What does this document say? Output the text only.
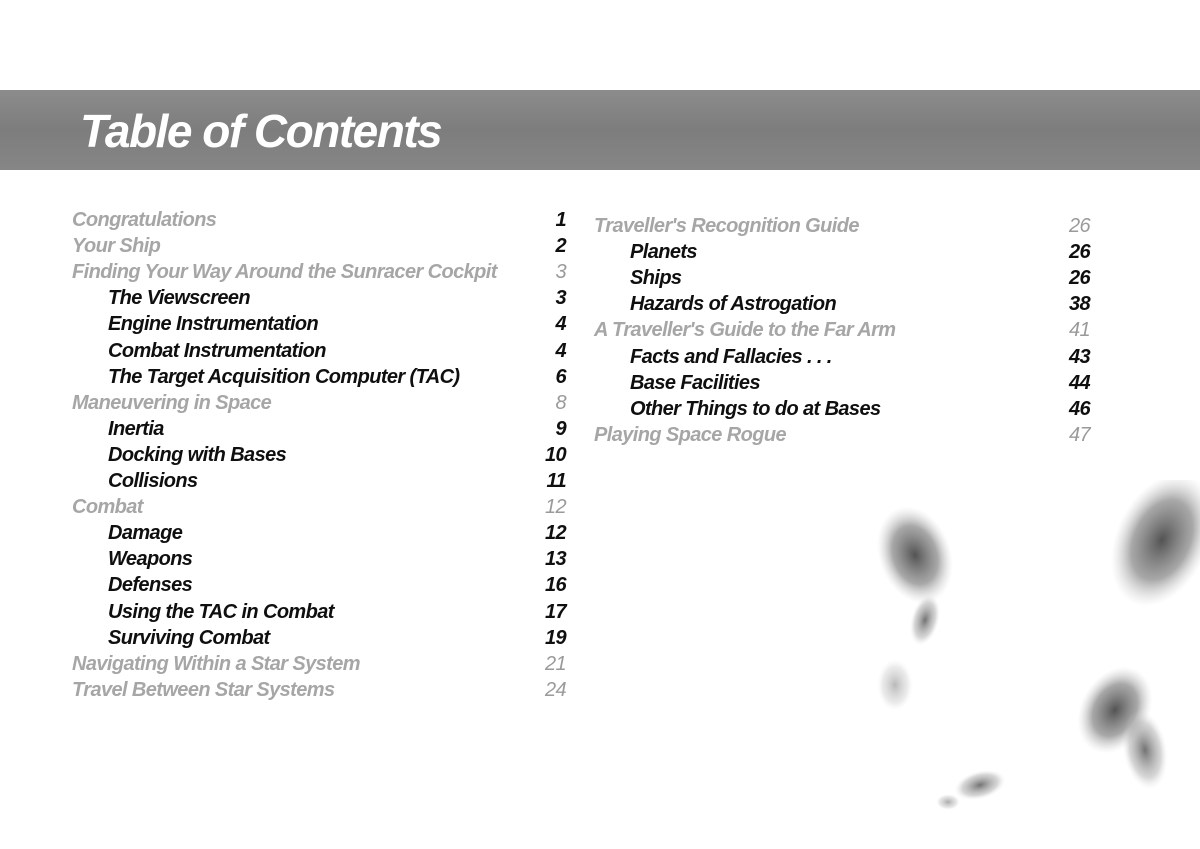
Table of Contents
Congratulations	1
Your Ship	2
Finding Your Way Around the Sunracer Cockpit	3
The Viewscreen	3
Engine Instrumentation	4
Combat Instrumentation	4
The Target Acquisition Computer (TAC)	6
Maneuvering in Space	8
Inertia	9
Docking with Bases	10
Collisions	11
Combat	12
Damage	12
Weapons	13
Defenses	16
Using the TAC in Combat	17
Surviving Combat	19
Navigating Within a Star System	21
Travel Between Star Systems	24
Traveller's Recognition Guide	26
Planets	26
Ships	26
Hazards of Astrogation	38
A Traveller's Guide to the Far Arm	41
Facts and Fallacies . . .	43
Base Facilities	44
Other Things to do at Bases	46
Playing Space Rogue	47
